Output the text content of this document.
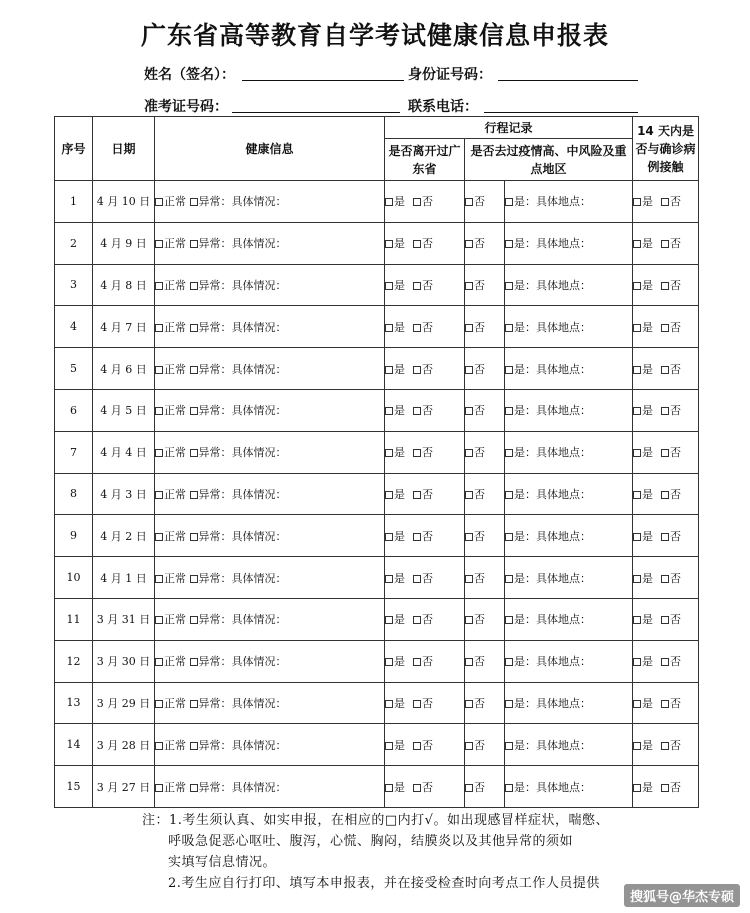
广东省高等教育自学考试健康信息申报表
姓名（签名）：	身份证号码：
准考证号码：	联系电话：
序号	日期	健康信息	行程记录			14 天内是否与确诊病例接触
			是否离开过广东省	是否去过疫情高、中风险及重点地区		
1	4 月 10 日	正常 异常：具体情况：	是 否	否	是：具体地点：	是 否
2	4 月 9 日	正常 异常：具体情况：	是 否	否	是：具体地点：	是 否
3	4 月 8 日	正常 异常：具体情况：	是 否	否	是：具体地点：	是 否
4	4 月 7 日	正常 异常：具体情况：	是 否	否	是：具体地点：	是 否
5	4 月 6 日	正常 异常：具体情况：	是 否	否	是：具体地点：	是 否
6	4 月 5 日	正常 异常：具体情况：	是 否	否	是：具体地点：	是 否
7	4 月 4 日	正常 异常：具体情况：	是 否	否	是：具体地点：	是 否
8	4 月 3 日	正常 异常：具体情况：	是 否	否	是：具体地点：	是 否
9	4 月 2 日	正常 异常：具体情况：	是 否	否	是：具体地点：	是 否
10	4 月 1 日	正常 异常：具体情况：	是 否	否	是：具体地点：	是 否
11	3 月 31 日	正常 异常：具体情况：	是 否	否	是：具体地点：	是 否
12	3 月 30 日	正常 异常：具体情况：	是 否	否	是：具体地点：	是 否
13	3 月 29 日	正常 异常：具体情况：	是 否	否	是：具体地点：	是 否
14	3 月 28 日	正常 异常：具体情况：	是 否	否	是：具体地点：	是 否
15	3 月 27 日	正常 异常：具体情况：	是 否	否	是：具体地点：	是 否
注：1.考生须认真、如实申报，在相应的□内打√。如出现感冒样症状，喘憋、
呼吸急促恶心呕吐、腹泻，心慌、胸闷，结膜炎以及其他异常的须如
实填写信息情况。
2.考生应自行打印、填写本申报表，并在接受检查时向考点工作人员提供
搜狐号@华杰专硕
